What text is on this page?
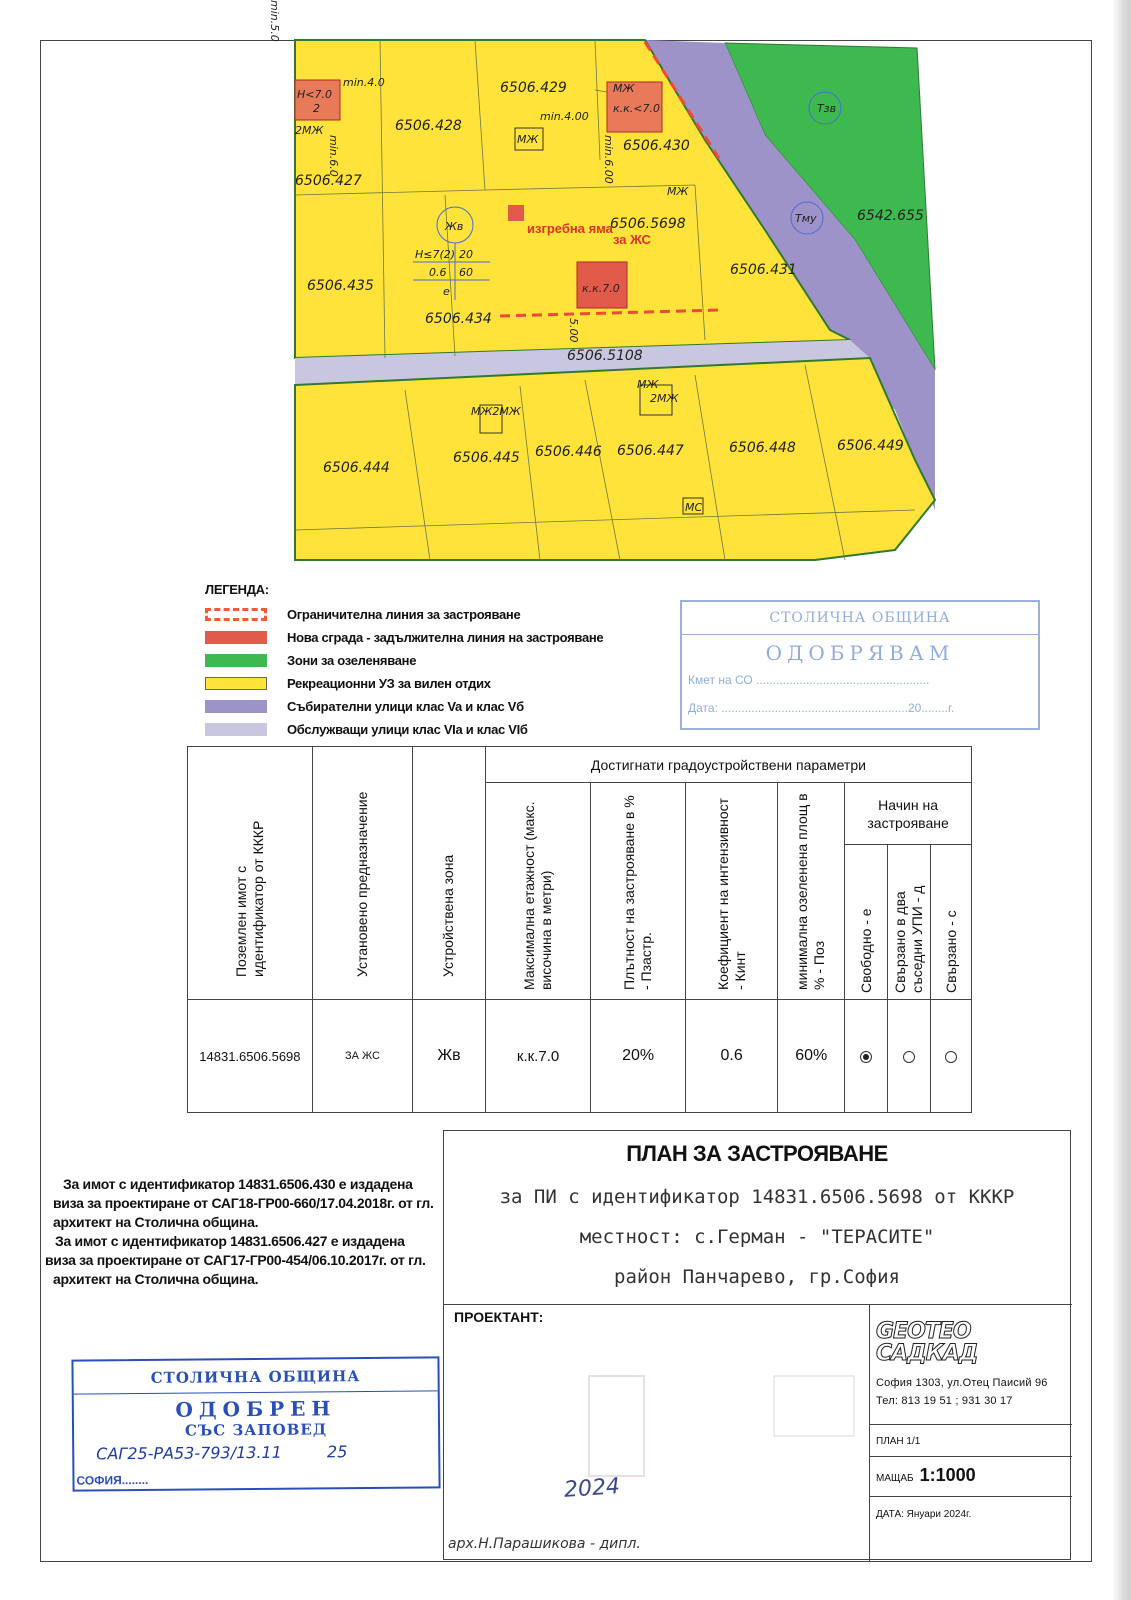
6506.428
6506.429
6506.430
6506.427
6506.5698
за ЖС
изгребна яма
6506.431
6506.435
6506.434
6506.5108
6542.655
6506.444
6506.445 6506.446 6506.447	6506.448	6506.449
Жв
Тзв
Тму
Н≤7(2) 20
0.6 60
е	к.к.7.0
к.к.<7.0
Н<7.0
2
min.4.0
min.4.00
min.5.0
min.6.0	min.6.00
5.00
МЖ
МЖ
2МЖ
МЖ
МЖ2МЖ
МЖ
2МЖ
МС
ЛЕГЕНДА:
Ограничителна линия за застрояване
Нова сграда - задължителна линия на застрояване
Зони за озеленяване
Рекреационни УЗ за вилен отдих
Събирателни улици клас Va и клас Vб
Обслужващи улици клас VIa и клас VIб
СТОЛИЧНА ОБЩИНА
ОДОБРЯВАМ
Кмет на СО ....................................................
Дата: ........................................................20........г.
Поземлен имот с идентификатор от КККР	Установено предназначение	Устройствена зона	Достигнати градоустройствени параметри						
			Максимална етажност (макс. височина в метри)	Плътност на застрояване в % - Пзастр.	Коефициент на интензивност - Кинт	минимална озеленена площ в % - Поз	Начин на застрояване		
							Свободно - е	Свързано в два съседни УПИ - д	Свързано - с
14831.6506.5698	ЗА ЖС	Жв	к.к.7.0	20%	0.6	60%			
За имот с идентификатор 14831.6506.430 е издадена
виза за проектиране от САГ18-ГР00-660/17.04.2018г. от гл.
архитект на Столична община.
За имот с идентификатор 14831.6506.427 е издадена
виза за проектиране от САГ17-ГР00-454/06.10.2017г. от гл.
архитект на Столична община.
ПЛАН ЗА ЗАСТРОЯВАНЕ
за ПИ с идентификатор 14831.6506.5698 от КККР
местност: с.Герман - "ТЕРАСИТЕ"
район Панчарево, гр.София
ПРОЕКТАНТ:
2024
арх.Н.Парашикова - дипл.
GEOTEO
САДКАД
София 1303, ул.Отец Паисий 96
Тел: 813 19 51 ; 931 30 17
ПЛАН 1/1
МАЩАБ 1:1000
ДАТА: Януари 2024г.
СТОЛИЧНА ОБЩИНА
ОДОБРЕН
СЪС ЗАПОВЕД
САГ25-РА53-793/13.11	25
СОФИЯ........
